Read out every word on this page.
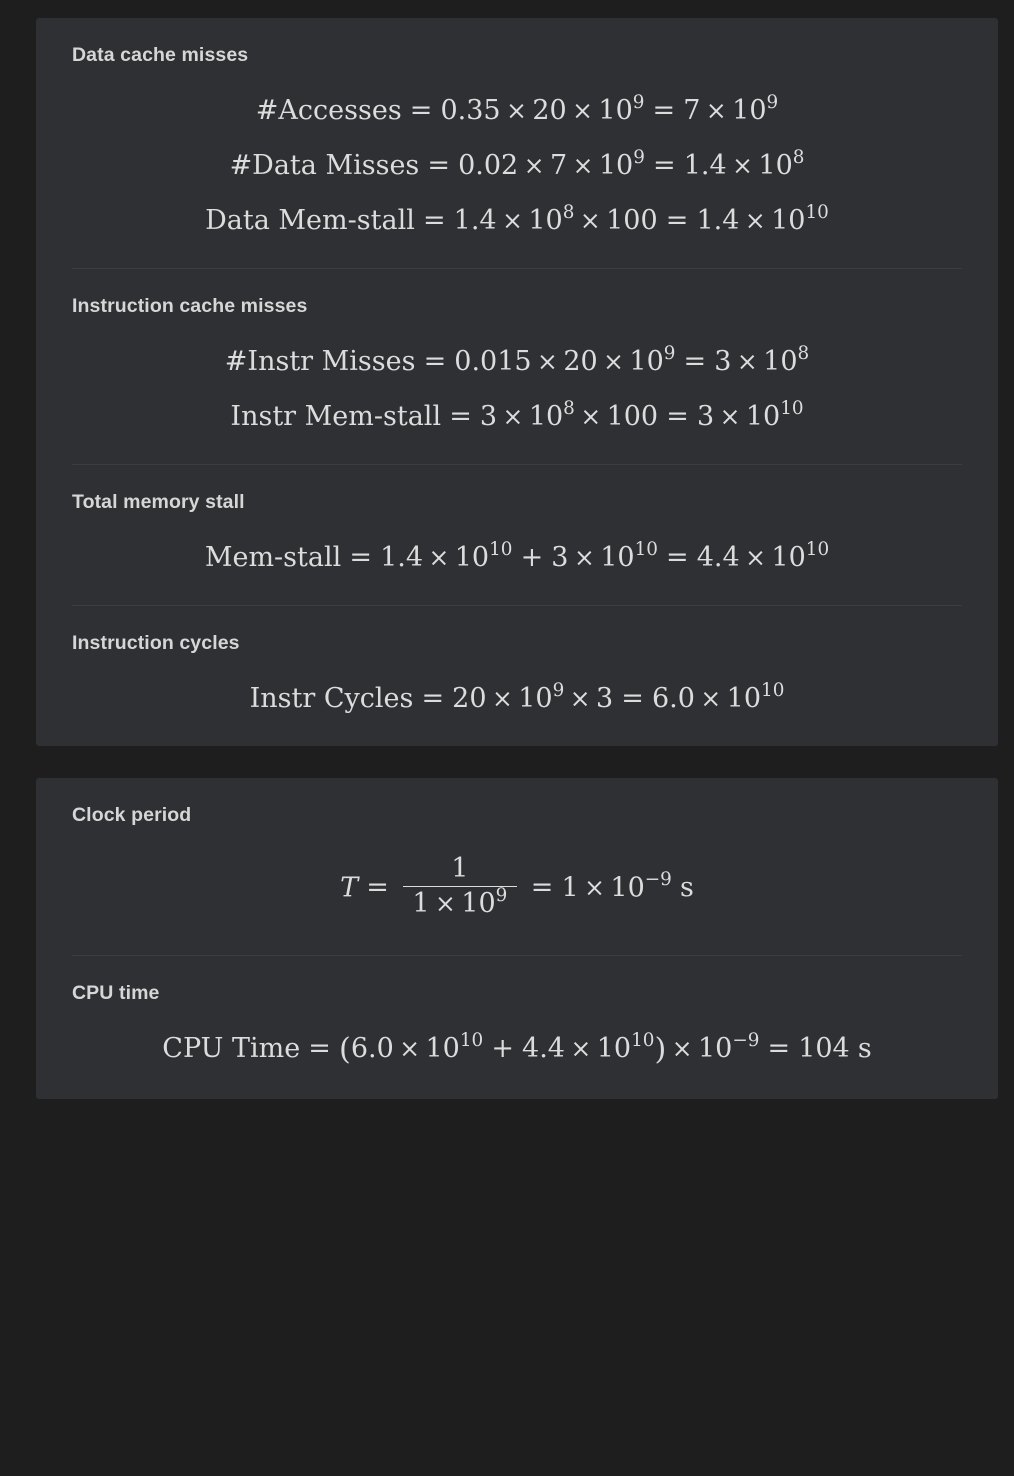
Data cache misses
#Accesses = $0.35 \times 20 \times 10^9 = 7 \times 10^9$
#Data Misses = $0.02 \times 7 \times 10^9 = 1.4 \times 10^8$
Data Mem-stall = $1.4 \times 10^8 \times 100 = 1.4 \times 10^{10}$
Instruction cache misses
#Instr Misses = $0.015 \times 20 \times 10^9 = 3 \times 10^8$
Instr Mem-stall = $3 \times 10^8 \times 100 = 3 \times 10^{10}$
Total memory stall
Mem-stall = $1.4 \times 10^{10} + 3 \times 10^{10} = 4.4 \times 10^{10}$
Instruction cycles
Instr Cycles = $20 \times 10^9 \times 3 = 6.0 \times 10^{10}$
Clock period
$T = \frac{1}{1 \times 10^9} = 1 \times 10^{-9}$ s
CPU time
CPU Time = $(6.0 \times 10^{10} + 4.4 \times 10^{10}) \times 10^{-9} = 104$ s
